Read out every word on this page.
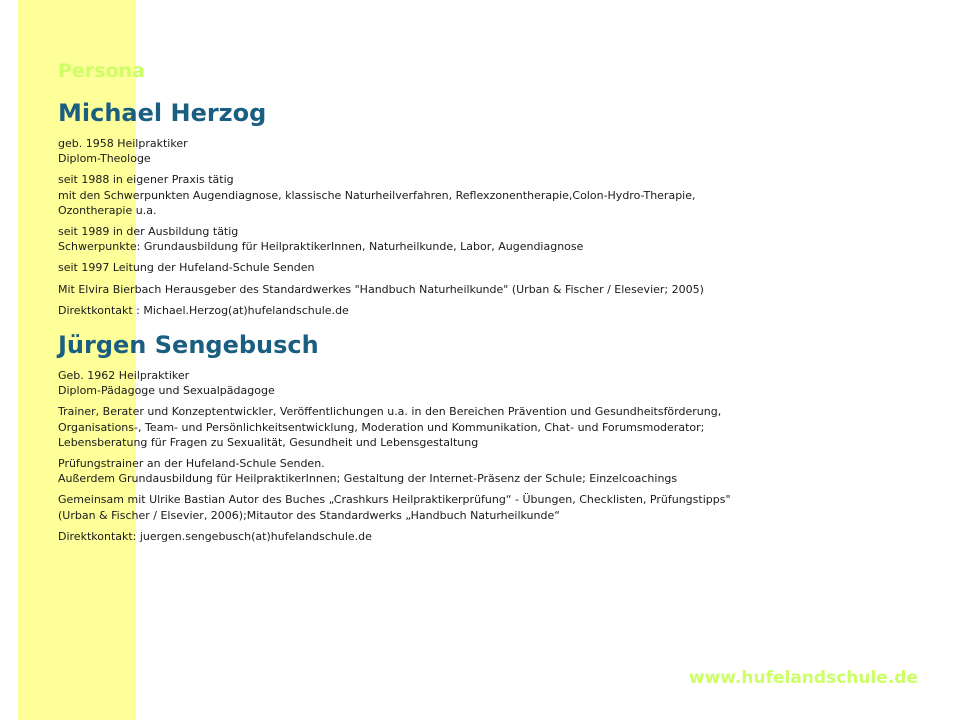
Persona
Michael Herzog
geb. 1958 Heilpraktiker
Diplom-Theologe
seit 1988 in eigener Praxis tätig
mit den Schwerpunkten Augendiagnose, klassische Naturheilverfahren, Reflexzonentherapie,Colon-Hydro-Therapie,
Ozontherapie u.a.
seit 1989 in der Ausbildung tätig
Schwerpunkte: Grundausbildung für HeilpraktikerInnen, Naturheilkunde, Labor, Augendiagnose
seit 1997 Leitung der Hufeland-Schule Senden
Mit Elvira Bierbach Herausgeber des Standardwerkes "Handbuch Naturheilkunde" (Urban & Fischer / Elesevier; 2005)
Direktkontakt : Michael.Herzog(at)hufelandschule.de
Jürgen Sengebusch
Geb. 1962 Heilpraktiker
Diplom-Pädagoge und Sexualpädagoge
Trainer, Berater und Konzeptentwickler, Veröffentlichungen u.a. in den Bereichen Prävention und Gesundheitsförderung,
Organisations-, Team- und Persönlichkeitsentwicklung, Moderation und Kommunikation, Chat- und Forumsmoderator;
Lebensberatung für Fragen zu Sexualität, Gesundheit und Lebensgestaltung
Prüfungstrainer an der Hufeland-Schule Senden.
Außerdem Grundausbildung für HeilpraktikerInnen; Gestaltung der Internet-Präsenz der Schule; Einzelcoachings
Gemeinsam mit Ulrike Bastian Autor des Buches „Crashkurs Heilpraktikerprüfung“ - Übungen, Checklisten, Prüfungstipps"
(Urban & Fischer / Elsevier, 2006);Mitautor des Standardwerks „Handbuch Naturheilkunde“
Direktkontakt: juergen.sengebusch(at)hufelandschule.de
www.hufelandschule.de
